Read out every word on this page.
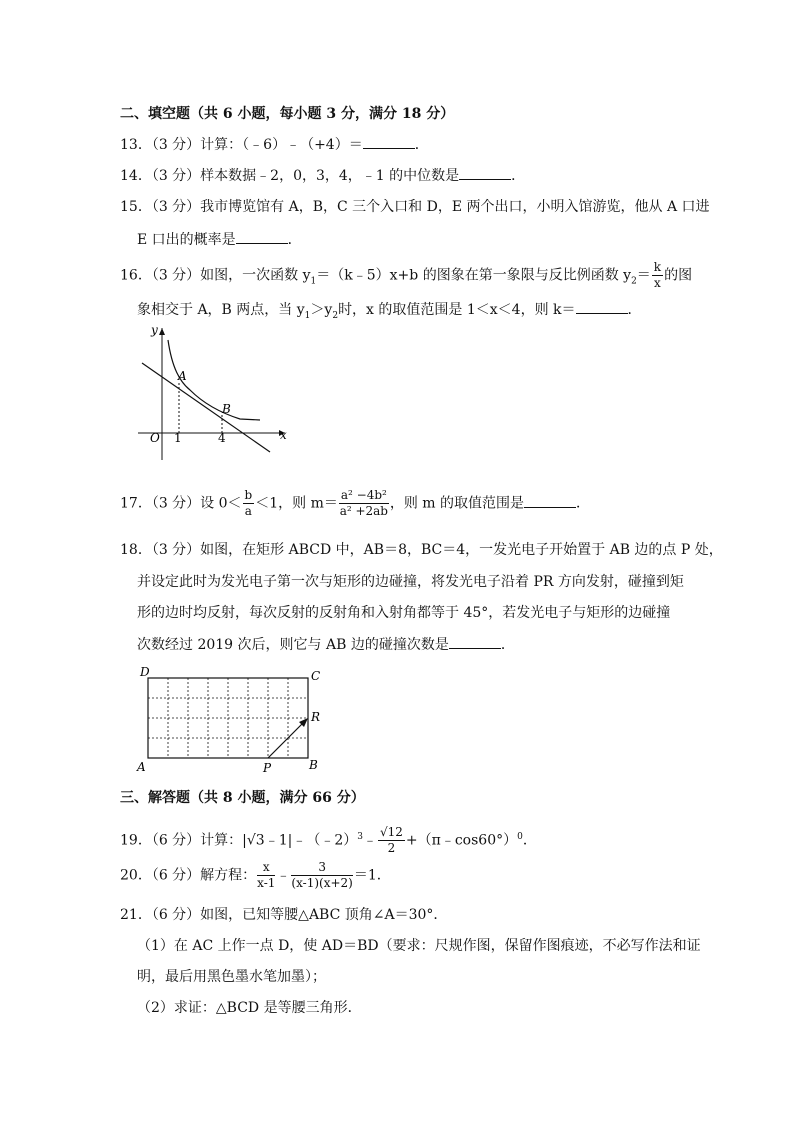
二、填空题（共 6 小题，每小题 3 分，满分 18 分）
13．（3 分）计算：（﹣6）﹣（+4）＝	．
14．（3 分）样本数据﹣2，0，3，4，﹣1 的中位数是	．
15．（3 分）我市博览馆有 A，B，C 三个入口和 D，E 两个出口，小明入馆游览，他从 A 口进
E 口出的概率是	．
16．（3 分）如图，一次函数 $y_1=(k﹣5)x+b$ 的图象在第一象限与反比例函数 $y_2= \frac{k}{x}$ 的图
象相交于 A，B 两点，当 $y_1>y_2$时，x 的取值范围是 1＜x＜4，则 k＝	．
y
x
O 1	4
A
B
17．（3 分）设 $0< \frac{b}{a} <1$，则 $m= \frac{\text{a² −4b²}}{\text{a² +2ab}}$ ，则 m 的取值范围是	．
18．（3 分）如图，在矩形 ABCD 中，AB＝8，BC＝4，一发光电子开始置于 AB 边的点 P 处，
并设定此时为发光电子第一次与矩形的边碰撞，将发光电子沿着 PR 方向发射，碰撞到矩
形的边时均反射，每次反射的反射角和入射角都等于 45°，若发光电子与矩形的边碰撞
次数经过 2019 次后，则它与 AB 边的碰撞次数是	．
D	C
A	B
P
R
三、解答题（共 8 小题，满分 66 分）
19．（6 分）计算：|√3﹣1|﹣（﹣2）$^3$﹣ $\frac{√12}{2}$ +（π﹣cos60°）$^0$．
20．（6 分）解方程： $\frac{x}{x-1}$ ﹣ $\frac{3}{(x-1)(x+2)} =1$．
21．（6 分）如图，已知等腰△ABC 顶角∠A＝30°．
（1）在 AC 上作一点 D，使 AD＝BD（要求：尺规作图，保留作图痕迹，不必写作法和证
明，最后用黑色墨水笔加墨）；
（2）求证：△BCD 是等腰三角形．
